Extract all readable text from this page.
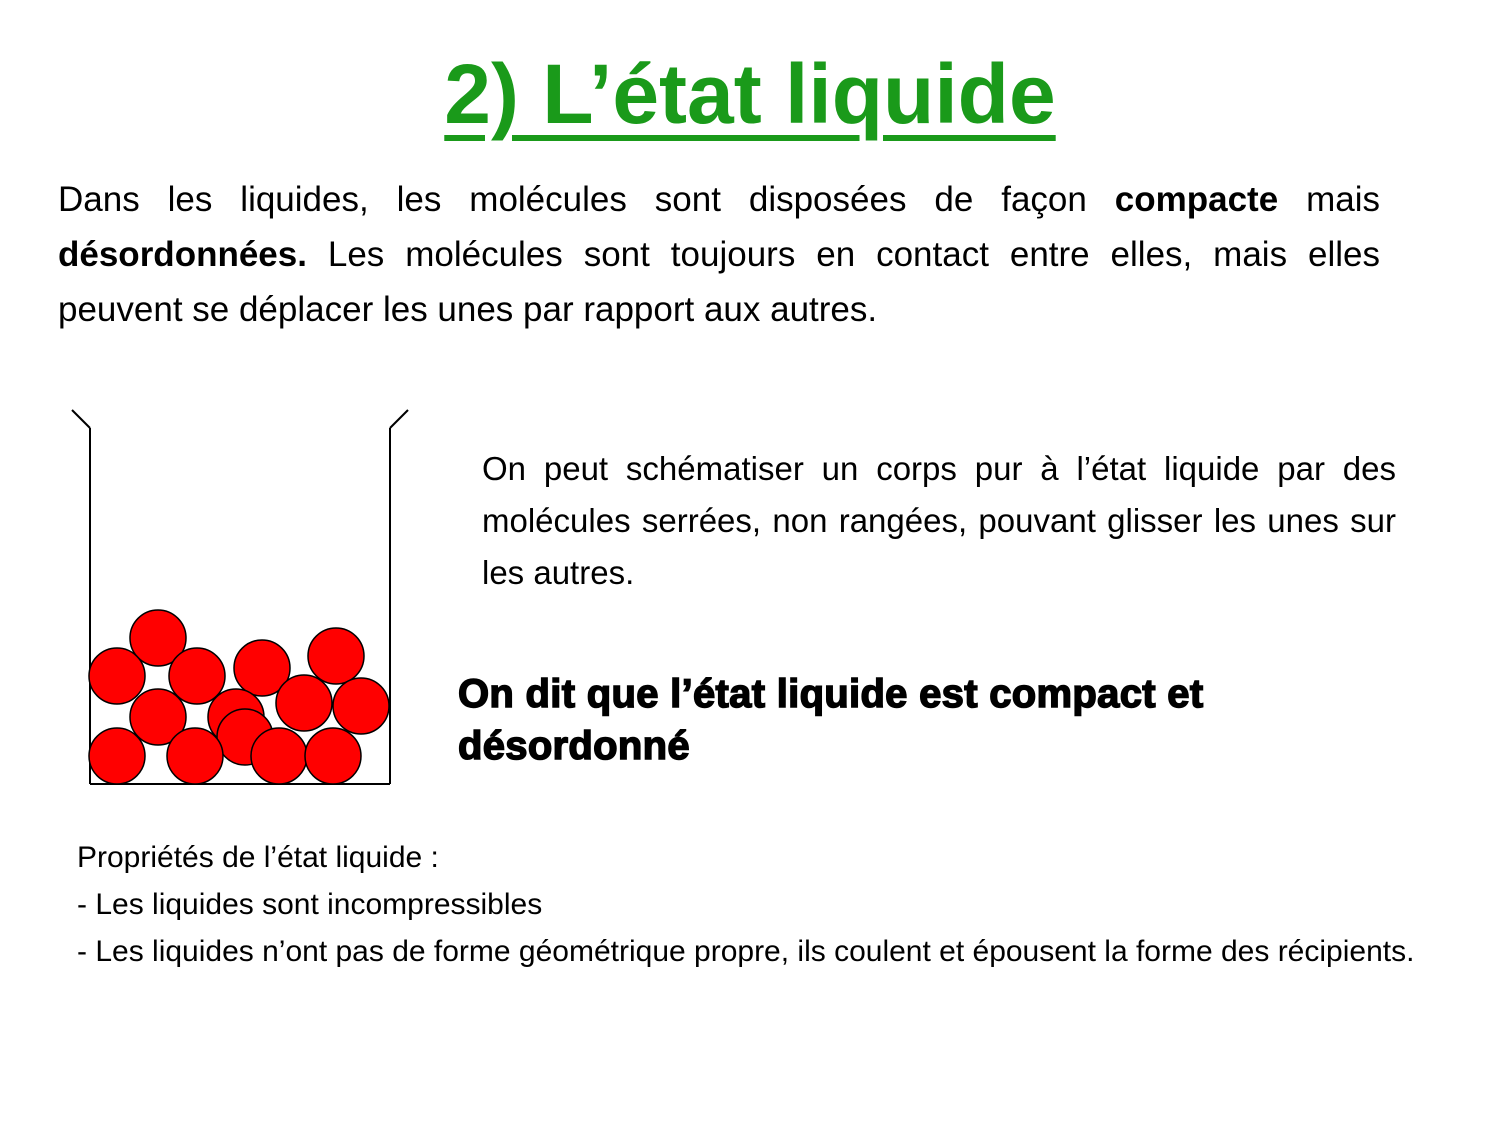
2) L’état liquide

Dans les liquides, les molécules sont disposées de façon compacte mais désordonnées. Les molécules sont toujours en contact entre elles, mais elles peuvent se déplacer les unes par rapport aux autres.

On peut schématiser un corps pur à l’état liquide par des molécules serrées, non rangées, pouvant glisser les unes sur les autres.

On dit que l’état liquide est compact et désordonné

Propriétés de l’état liquide :
- Les liquides sont incompressibles
- Les liquides n’ont pas de forme géométrique propre, ils coulent et épousent la forme des récipients.
